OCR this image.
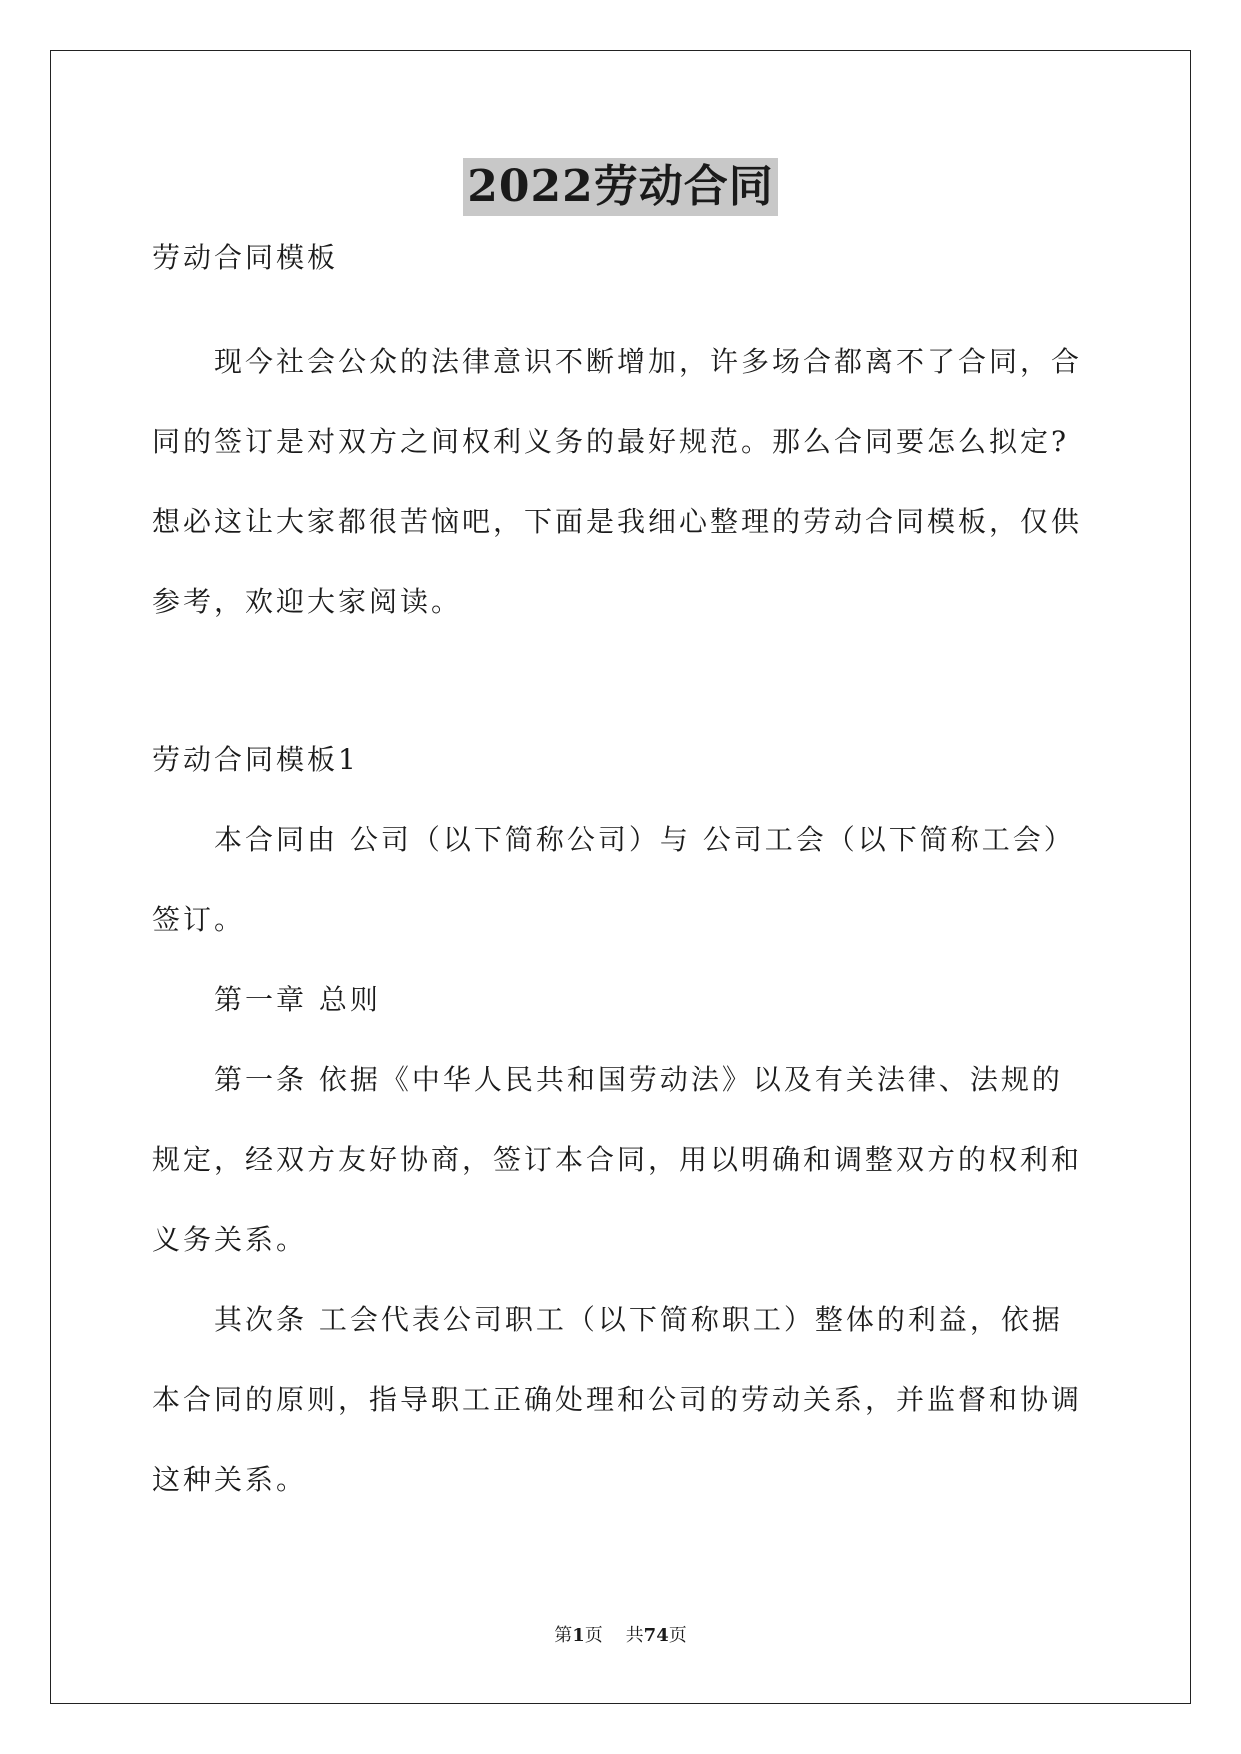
2022劳动合同
劳动合同模板
　　现今社会公众的法律意识不断增加，许多场合都离不了合同，合
同的签订是对双方之间权利义务的最好规范。那么合同要怎么拟定?
想必这让大家都很苦恼吧，下面是我细心整理的劳动合同模板，仅供
参考，欢迎大家阅读。
劳动合同模板1
　　本合同由 公司（以下简称公司）与 公司工会（以下简称工会）
签订。
　　第一章 总则
　　第一条 依据《中华人民共和国劳动法》以及有关法律、法规的
规定，经双方友好协商，签订本合同，用以明确和调整双方的权利和
义务关系。
　　其次条 工会代表公司职工（以下简称职工）整体的利益，依据
本合同的原则，指导职工正确处理和公司的劳动关系，并监督和协调
这种关系。
第1页 共74页
